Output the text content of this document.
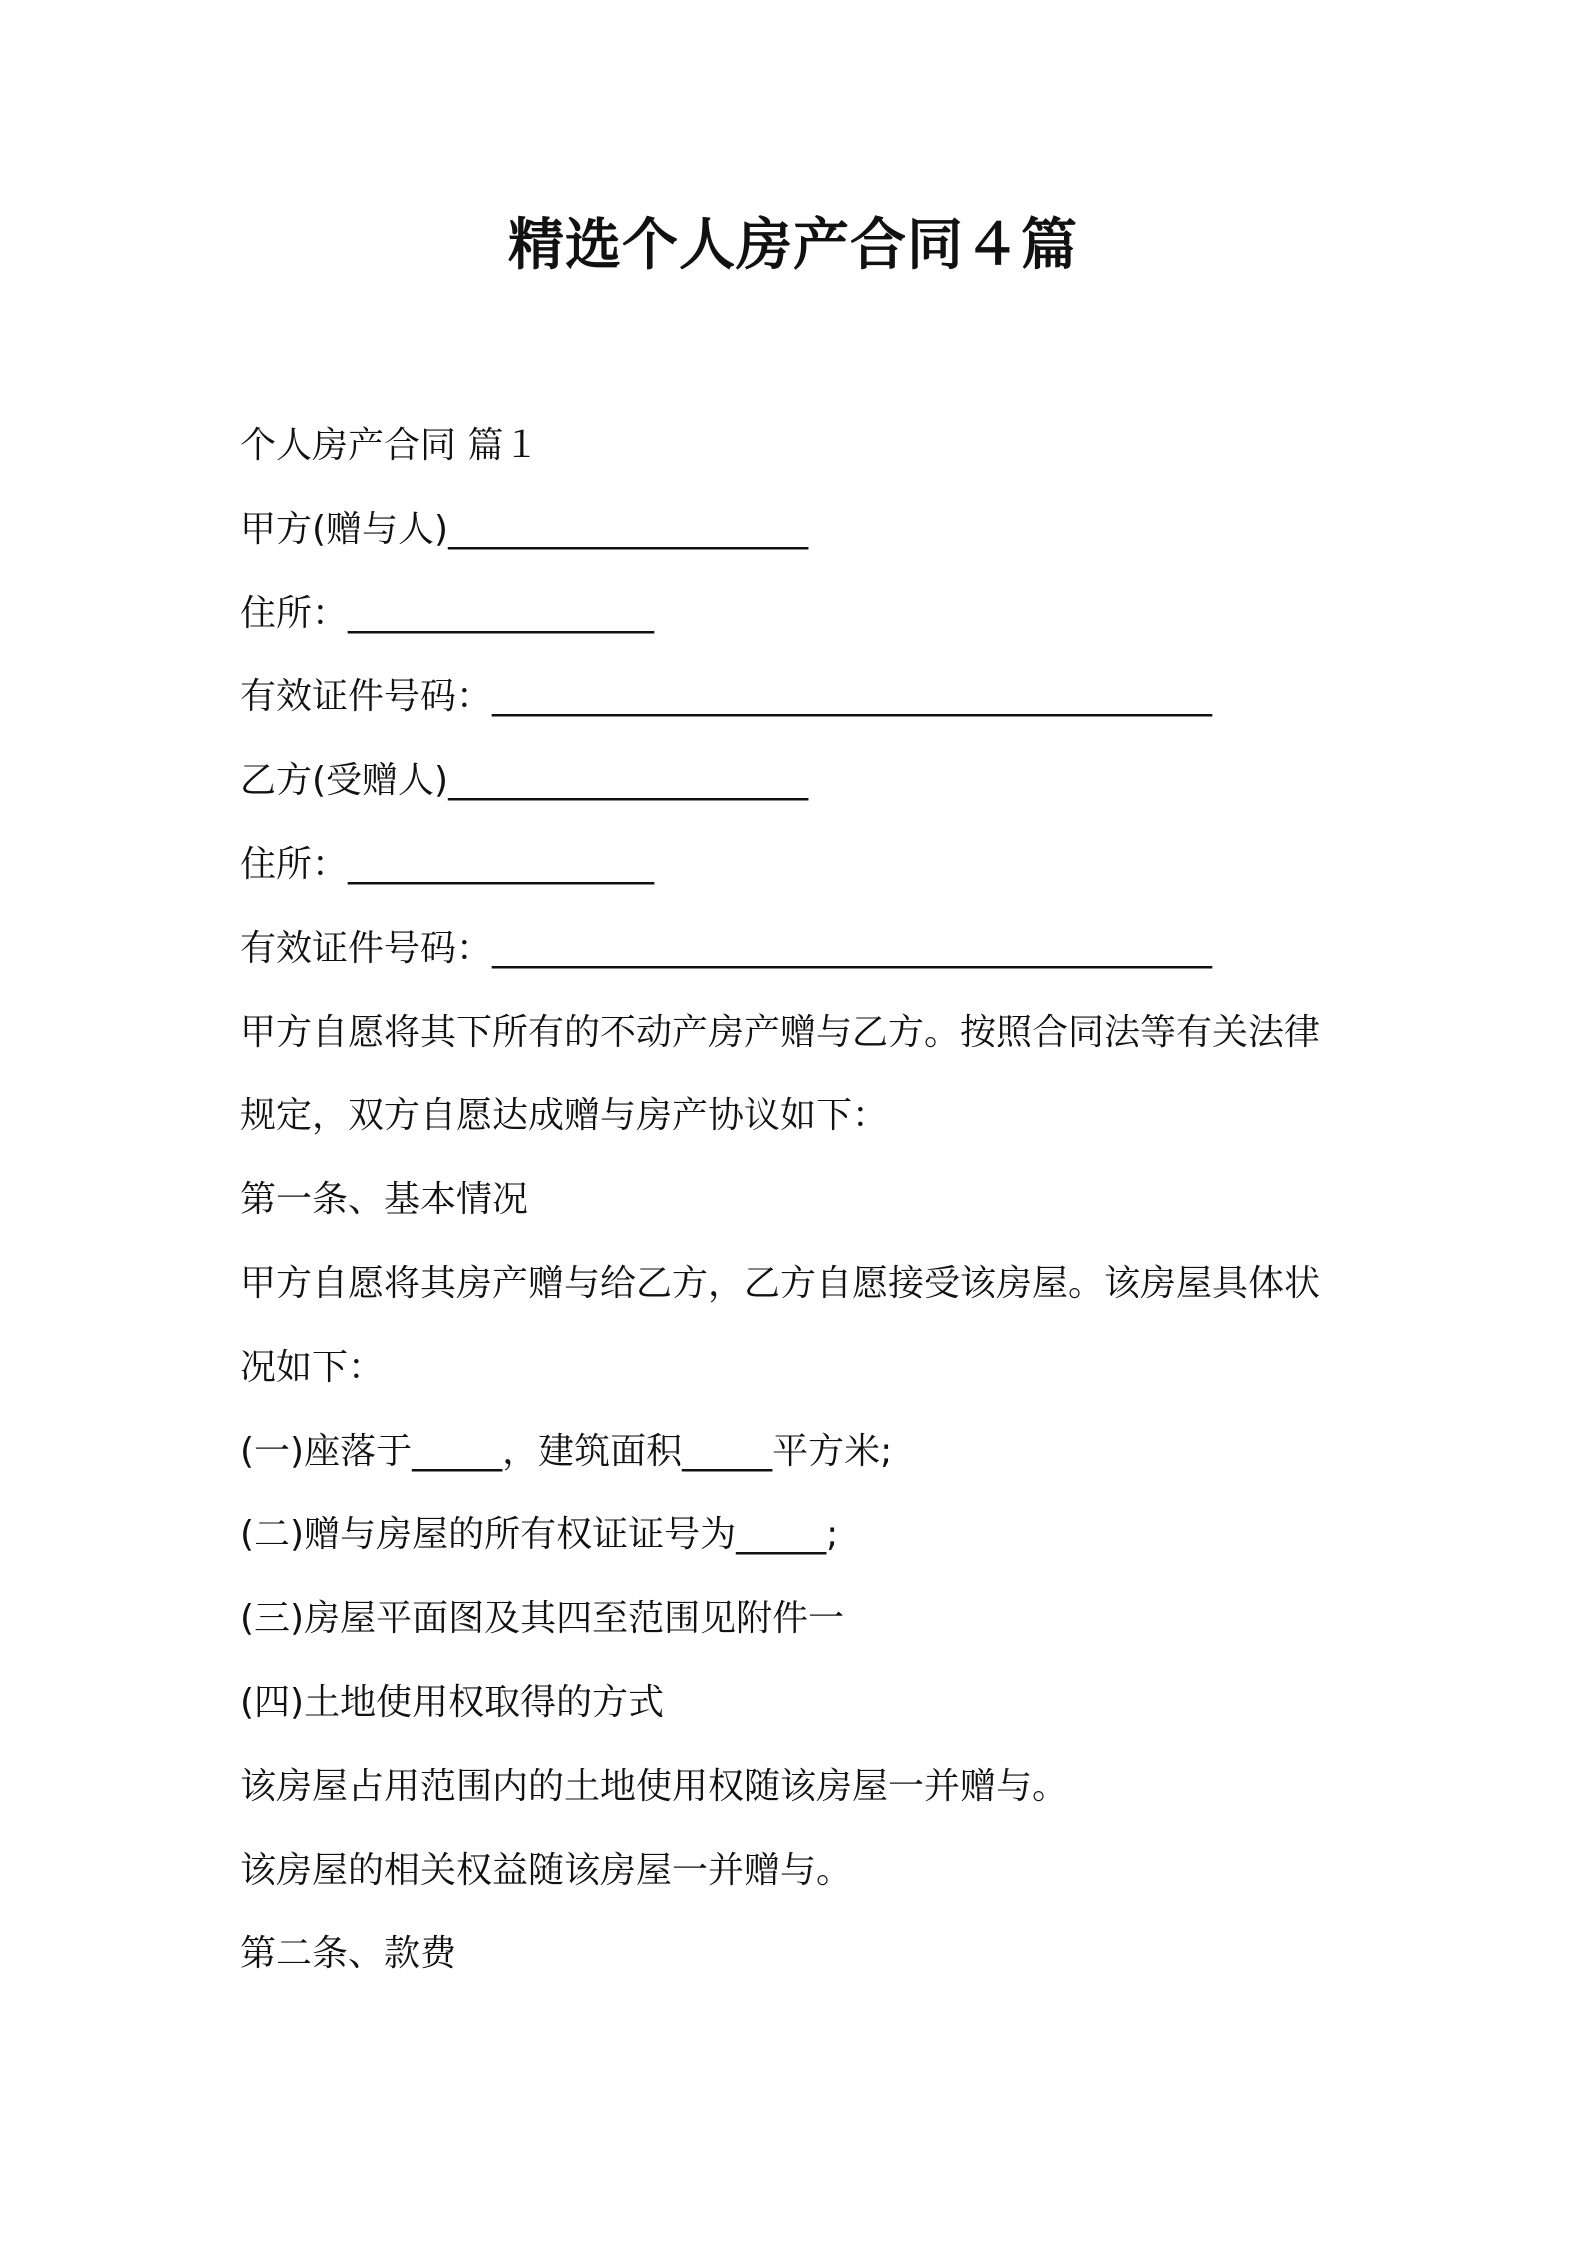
精选个人房产合同４篇

个人房产合同 篇１

甲方(赠与人)____________________

住所：_________________

有效证件号码：________________________________________

乙方(受赠人)____________________

住所：_________________

有效证件号码：________________________________________

甲方自愿将其下所有的不动产房产赠与乙方。按照合同法等有关法律

规定，双方自愿达成赠与房产协议如下：

第一条、基本情况

甲方自愿将其房产赠与给乙方，乙方自愿接受该房屋。该房屋具体状

况如下：

(一)座落于_____，建筑面积_____平方米;

(二)赠与房屋的所有权证证号为_____;

(三)房屋平面图及其四至范围见附件一

(四)土地使用权取得的方式

该房屋占用范围内的土地使用权随该房屋一并赠与。

该房屋的相关权益随该房屋一并赠与。

第二条、款费
